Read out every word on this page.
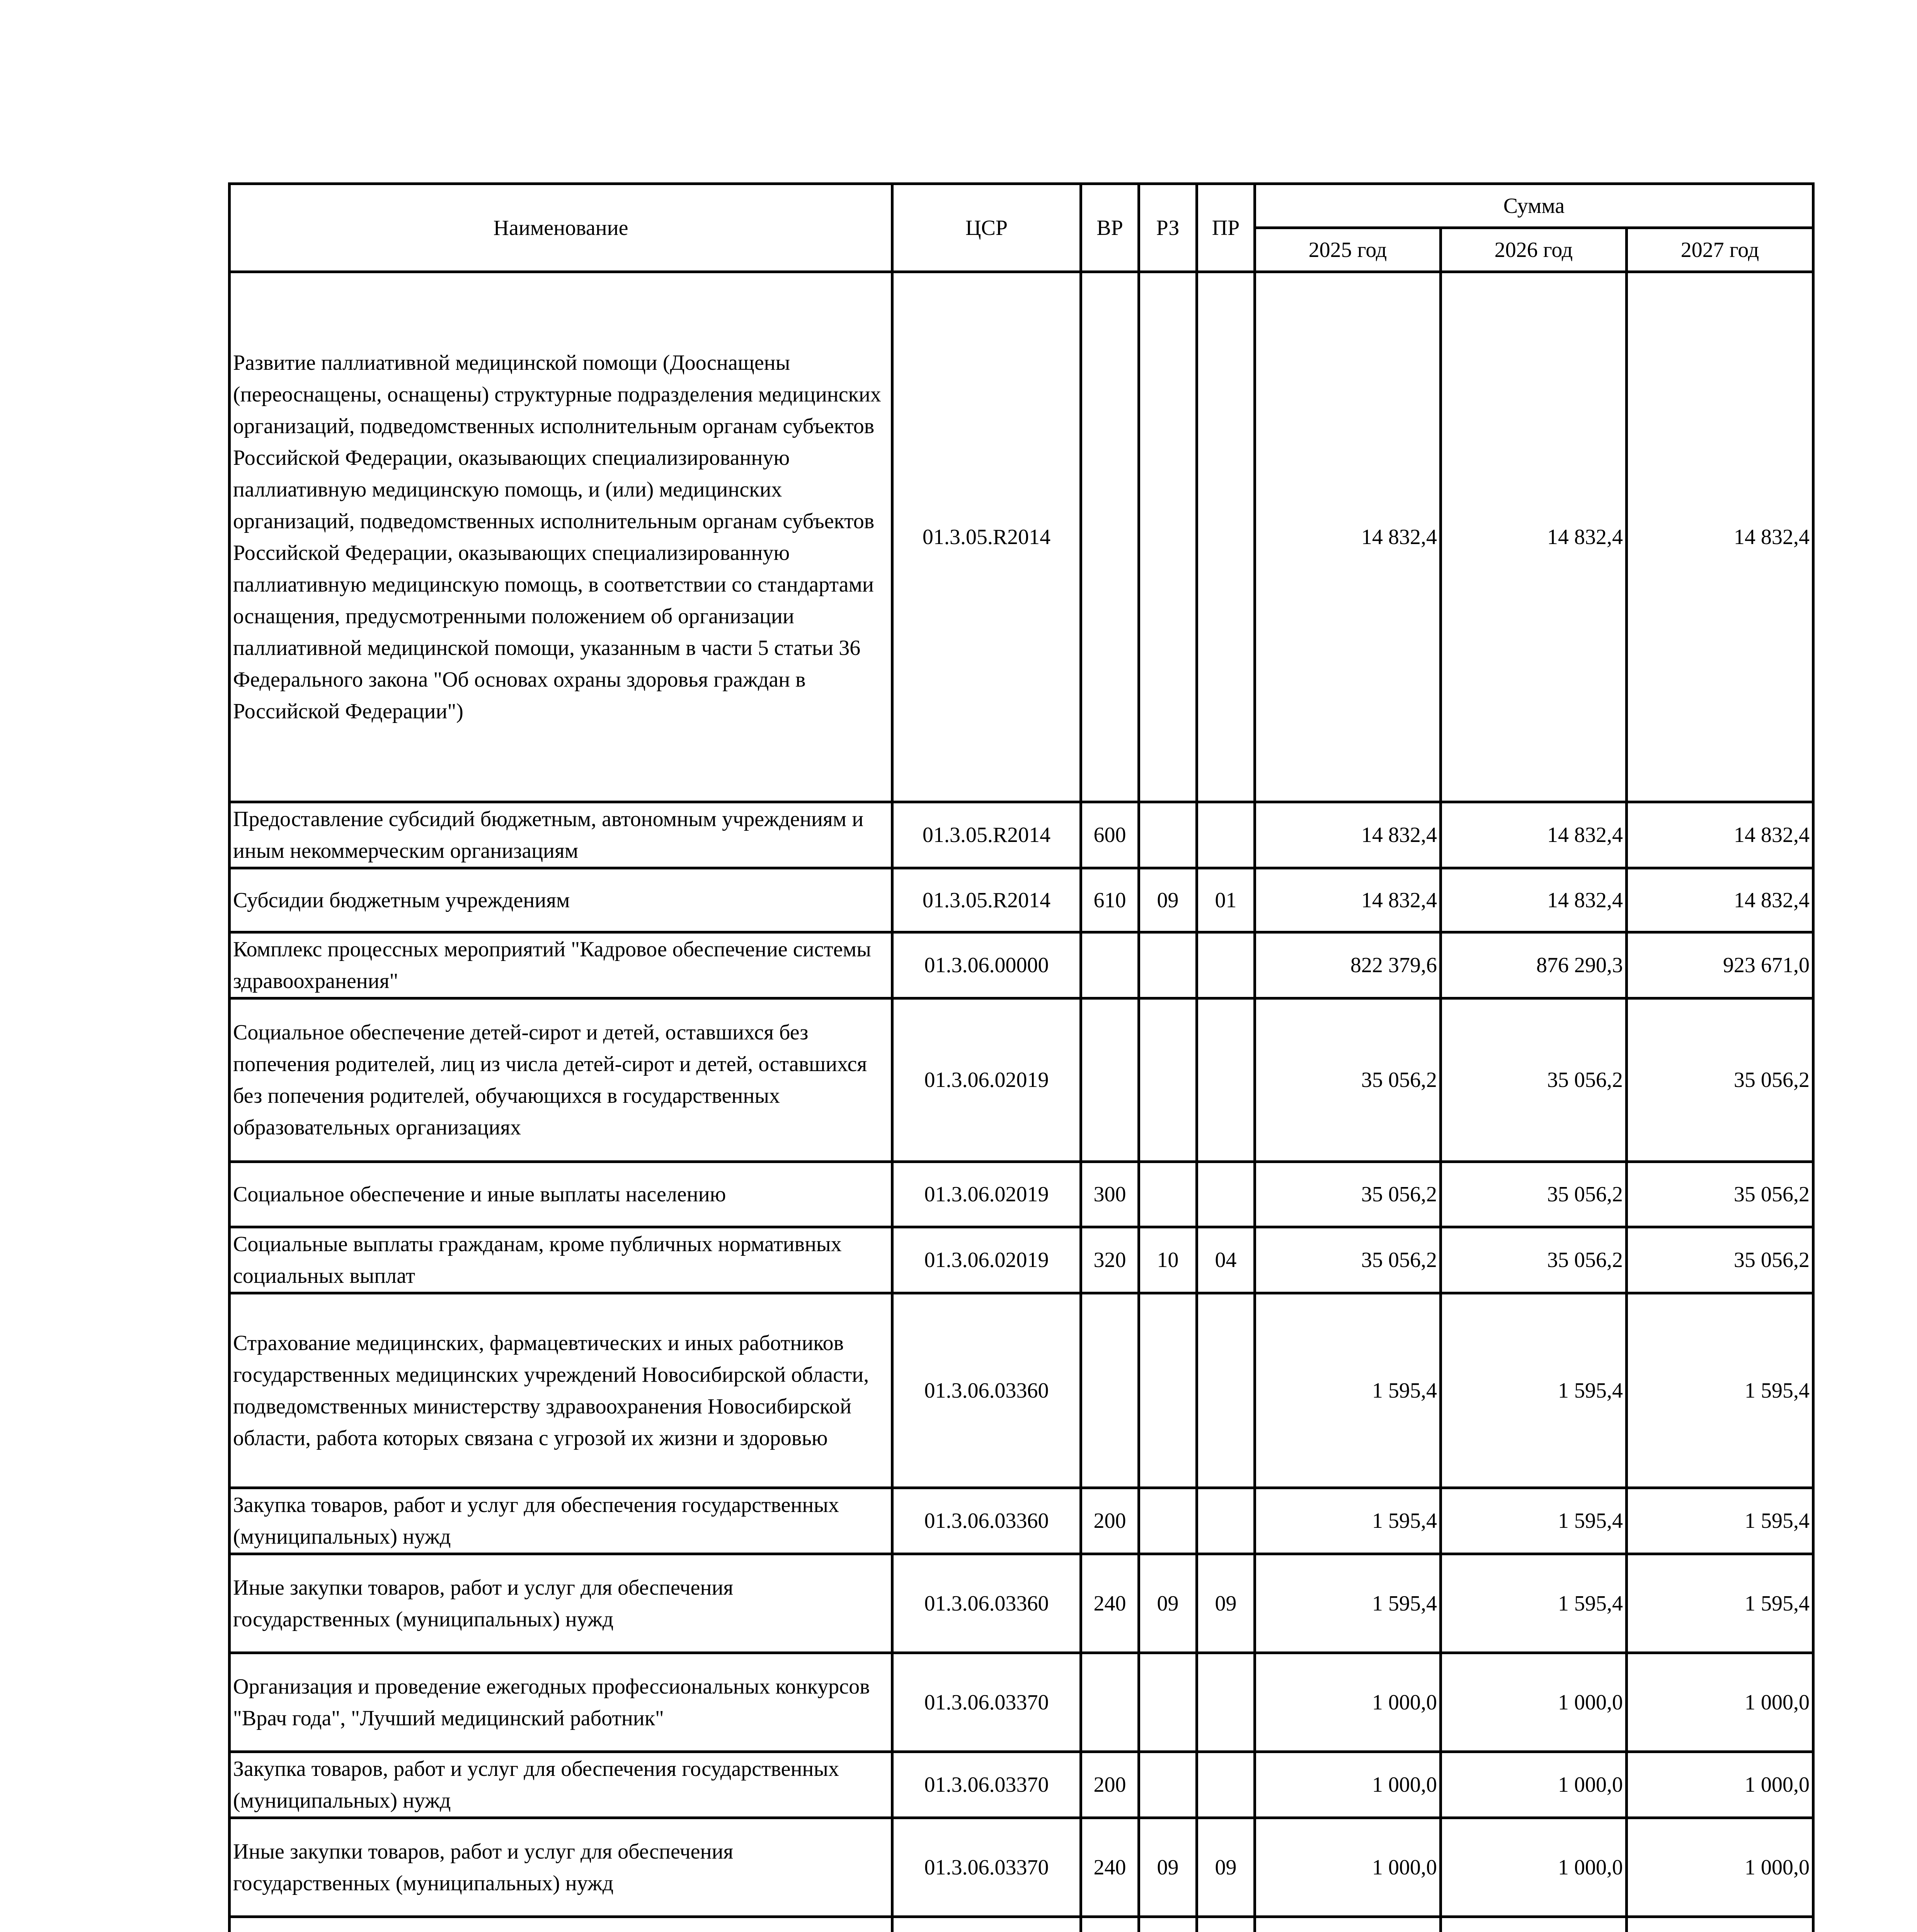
Наименование	ЦСР	ВР	РЗ	ПР	Сумма		
					2025 год	2026 год	2027 год
Развитие паллиативной медицинской помощи (Дооснащены (переоснащены, оснащены) структурные подразделения медицинских организаций, подведомственных исполнительным органам субъектов Российской Федерации, оказывающих специализированную паллиативную медицинскую помощь, и (или) медицинских организаций, подведомственных исполнительным органам субъектов Российской Федерации, оказывающих специализированную паллиативную медицинскую помощь, в соответствии со стандартами оснащения, предусмотренными положением об организации паллиативной медицинской помощи, указанным в части 5 статьи 36 Федерального закона "Об основах охраны здоровья граждан в Российской Федерации")	01.3.05.R2014				14 832,4	14 832,4	14 832,4
Предоставление субсидий бюджетным, автономным учреждениям и иным некоммерческим организациям	01.3.05.R2014	600			14 832,4	14 832,4	14 832,4
Субсидии бюджетным учреждениям	01.3.05.R2014	610	09	01	14 832,4	14 832,4	14 832,4
Комплекс процессных мероприятий "Кадровое обеспечение системы здравоохранения"	01.3.06.00000				822 379,6	876 290,3	923 671,0
Социальное обеспечение детей-сирот и детей, оставшихся без попечения родителей, лиц из числа детей-сирот и детей, оставшихся без попечения родителей, обучающихся в государственных образовательных организациях	01.3.06.02019				35 056,2	35 056,2	35 056,2
Социальное обеспечение и иные выплаты населению	01.3.06.02019	300			35 056,2	35 056,2	35 056,2
Социальные выплаты гражданам, кроме публичных нормативных социальных выплат	01.3.06.02019	320	10	04	35 056,2	35 056,2	35 056,2
Страхование медицинских, фармацевтических и иных работников государственных медицинских учреждений Новосибирской области, подведомственных министерству здравоохранения Новосибирской области, работа которых связана с угрозой их жизни и здоровью	01.3.06.03360				1 595,4	1 595,4	1 595,4
Закупка товаров, работ и услуг для обеспечения государственных (муниципальных) нужд	01.3.06.03360	200			1 595,4	1 595,4	1 595,4
Иные закупки товаров, работ и услуг для обеспечения государственных (муниципальных) нужд	01.3.06.03360	240	09	09	1 595,4	1 595,4	1 595,4
Организация и проведение ежегодных профессиональных конкурсов "Врач года", "Лучший медицинский работник"	01.3.06.03370				1 000,0	1 000,0	1 000,0
Закупка товаров, работ и услуг для обеспечения государственных (муниципальных) нужд	01.3.06.03370	200			1 000,0	1 000,0	1 000,0
Иные закупки товаров, работ и услуг для обеспечения государственных (муниципальных) нужд	01.3.06.03370	240	09	09	1 000,0	1 000,0	1 000,0
